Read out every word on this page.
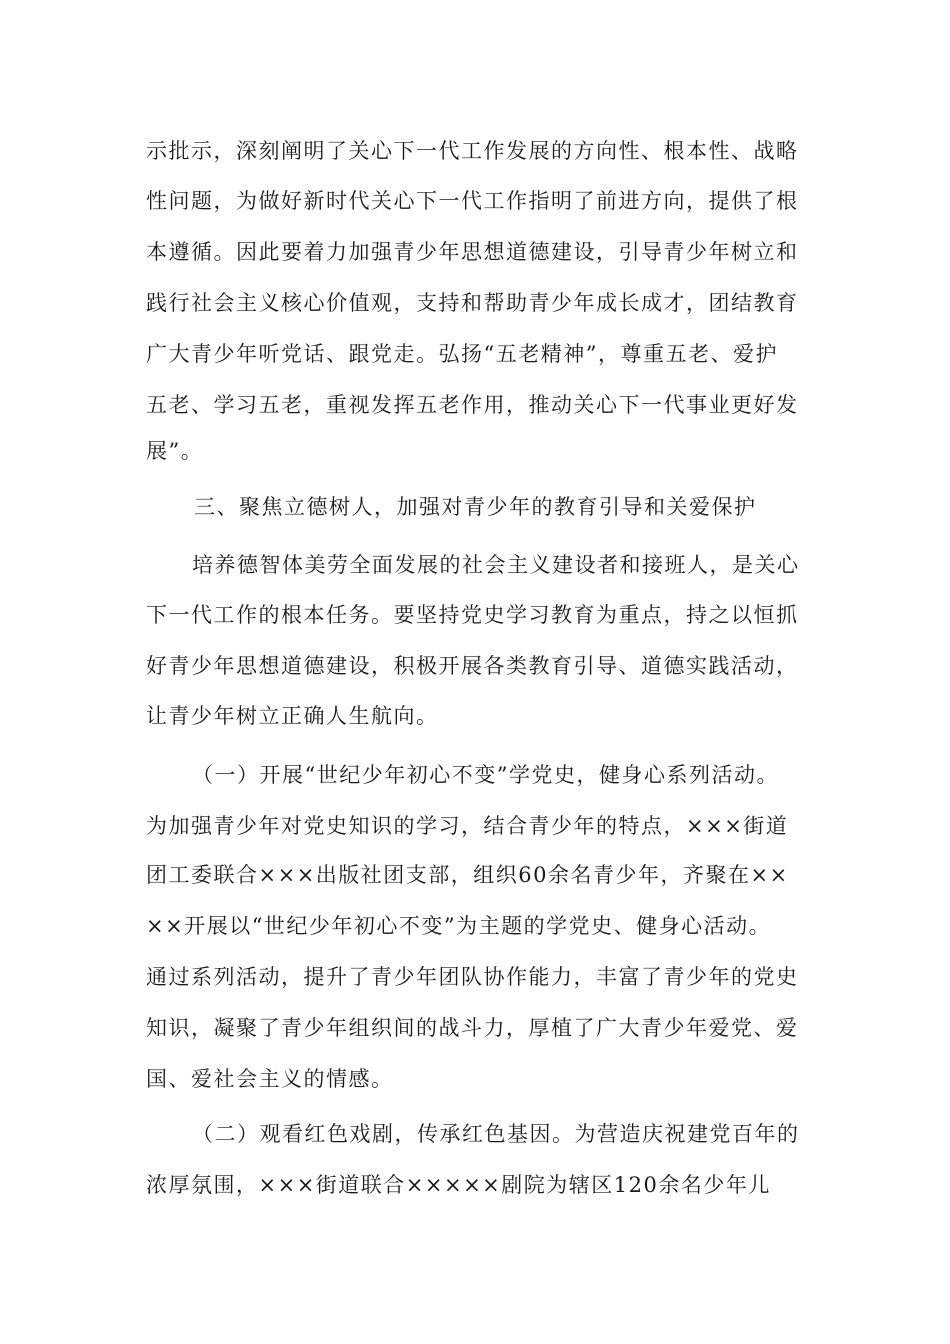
示批示，深刻阐明了关心下一代工作发展的方向性、根本性、战略
性问题，为做好新时代关心下一代工作指明了前进方向，提供了根
本遵循。因此要着力加强青少年思想道德建设，引导青少年树立和
践行社会主义核心价值观，支持和帮助青少年成长成才，团结教育
广大青少年听党话、跟党走。弘扬“五老精神”，尊重五老、爱护
五老、学习五老，重视发挥五老作用，推动关心下一代事业更好发
展”。
三、聚焦立德树人，加强对青少年的教育引导和关爱保护
培养德智体美劳全面发展的社会主义建设者和接班人，是关心
下一代工作的根本任务。要坚持党史学习教育为重点，持之以恒抓
好青少年思想道德建设，积极开展各类教育引导、道德实践活动，
让青少年树立正确人生航向。
（一）开展“世纪少年初心不变”学党史，健身心系列活动。
为加强青少年对党史知识的学习，结合青少年的特点，×××街道
团工委联合×××出版社团支部，组织60余名青少年，齐聚在××
××开展以“世纪少年初心不变”为主题的学党史、健身心活动。
通过系列活动，提升了青少年团队协作能力，丰富了青少年的党史
知识，凝聚了青少年组织间的战斗力，厚植了广大青少年爱党、爱
国、爱社会主义的情感。
（二）观看红色戏剧，传承红色基因。为营造庆祝建党百年的
浓厚氛围，×××街道联合×××××剧院为辖区120余名少年儿
